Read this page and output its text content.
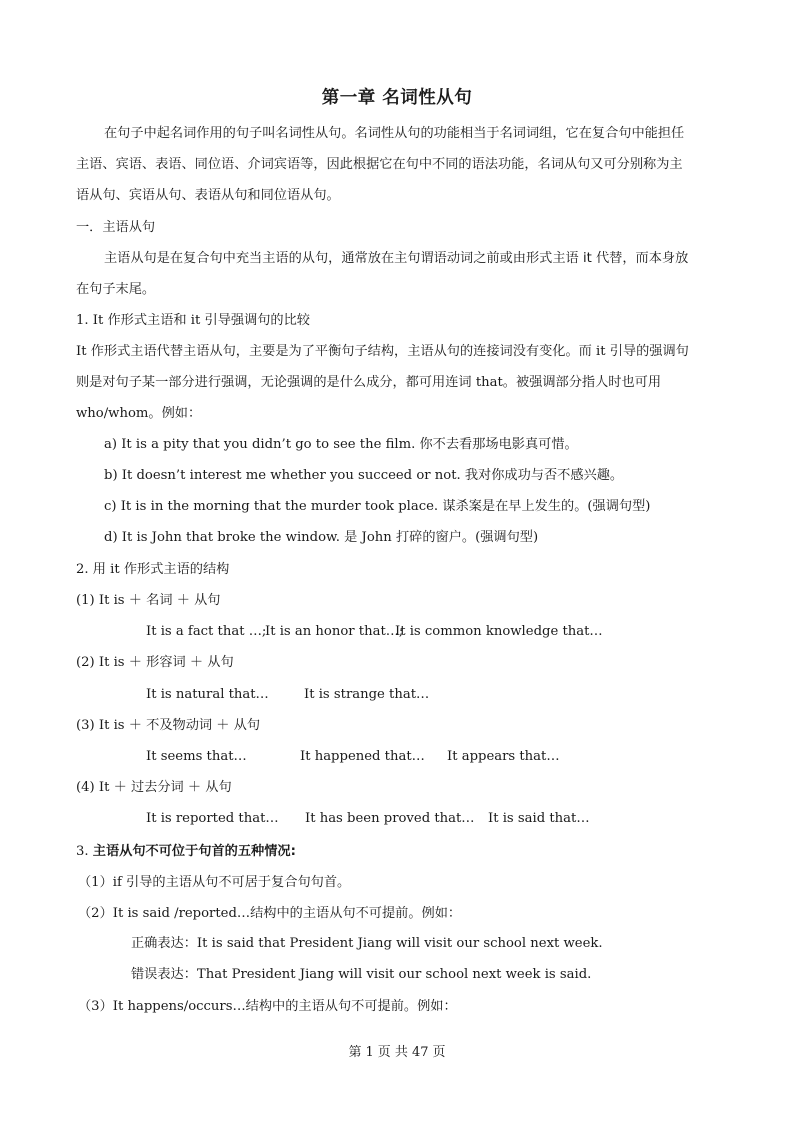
第一章 名词性从句
在句子中起名词作用的句子叫名词性从句。名词性从句的功能相当于名词词组，它在复合句中能担任
主语、宾语、表语、同位语、介词宾语等，因此根据它在句中不同的语法功能，名词从句又可分别称为主
语从句、宾语从句、表语从句和同位语从句。
一．主语从句
主语从句是在复合句中充当主语的从句，通常放在主句谓语动词之前或由形式主语 it 代替，而本身放
在句子末尾。
1. It 作形式主语和 it 引导强调句的比较
It 作形式主语代替主语从句，主要是为了平衡句子结构，主语从句的连接词没有变化。而 it 引导的强调句
则是对句子某一部分进行强调，无论强调的是什么成分，都可用连词 that。被强调部分指人时也可用
who/whom。例如：
a) It is a pity that you didn’t go to see the film. 你不去看那场电影真可惜。
b) It doesn’t interest me whether you succeed or not. 我对你成功与否不感兴趣。
c) It is in the morning that the murder took place. 谋杀案是在早上发生的。(强调句型)
d) It is John that broke the window. 是 John 打碎的窗户。(强调句型)
2. 用 it 作形式主语的结构
(1) It is ＋ 名词 ＋ 从句
It is a fact that …;
It is an honor that…;
It is common knowledge that…
(2) It is ＋ 形容词 ＋ 从句
It is natural that…	It is strange that…
(3) It is ＋ 不及物动词 ＋ 从句
It seems that…	It happened that… It appears that…
(4) It ＋ 过去分词 ＋ 从句
It is reported that… It has been proved that… It is said that…
3. 主语从句不可位于句首的五种情况:
（1）if 引导的主语从句不可居于复合句句首。
（2）It is said /reported…结构中的主语从句不可提前。例如：
正确表达：It is said that President Jiang will visit our school next week.
错误表达：That President Jiang will visit our school next week is said.
（3）It happens/occurs…结构中的主语从句不可提前。例如：
第 1 页 共 47 页
